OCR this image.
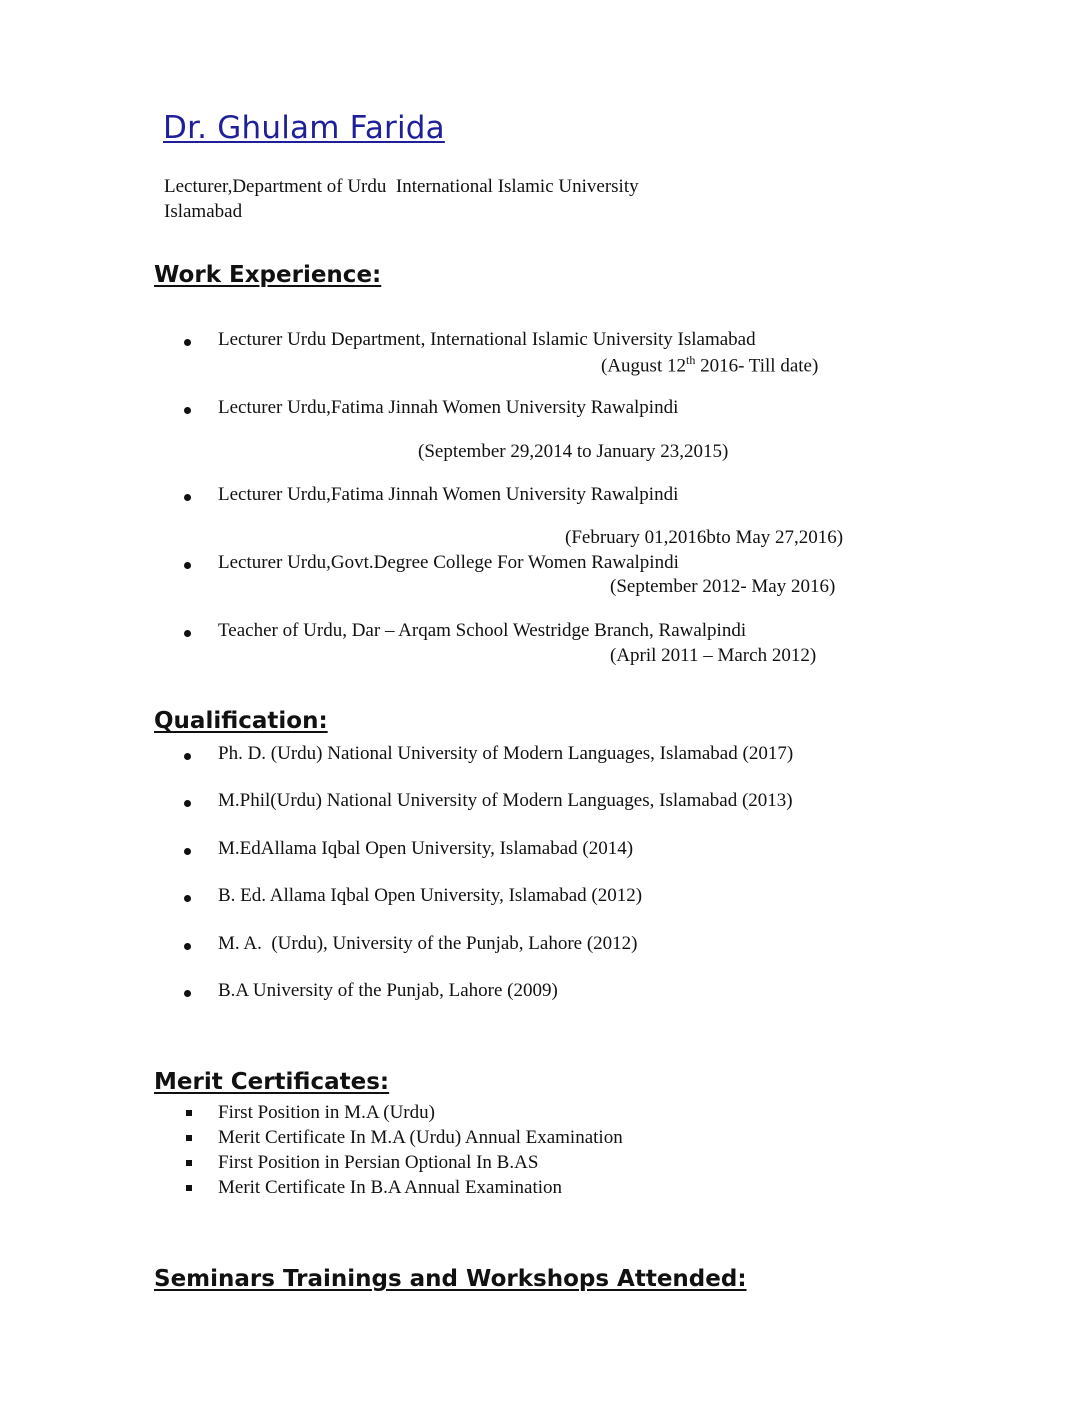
Dr. Ghulam Farida
Lecturer,Department of Urdu  International Islamic University
Islamabad
Work Experience:
Lecturer Urdu Department, International Islamic University Islamabad
(August 12th 2016- Till date)
Lecturer Urdu,Fatima Jinnah Women University Rawalpindi
(September 29,2014 to January 23,2015)
Lecturer Urdu,Fatima Jinnah Women University Rawalpindi
(February 01,2016bto May 27,2016)
Lecturer Urdu,Govt.Degree College For Women Rawalpindi
(September 2012- May 2016)
Teacher of Urdu, Dar – Arqam School Westridge Branch, Rawalpindi
(April 2011 – March 2012)
Qualification:
Ph. D. (Urdu) National University of Modern Languages, Islamabad (2017)
M.Phil(Urdu) National University of Modern Languages, Islamabad (2013)
M.EdAllama Iqbal Open University, Islamabad (2014)
B. Ed. Allama Iqbal Open University, Islamabad (2012)
M. A.  (Urdu), University of the Punjab, Lahore (2012)
B.A University of the Punjab, Lahore (2009)
Merit Certificates:
First Position in M.A (Urdu)
Merit Certificate In M.A (Urdu) Annual Examination
First Position in Persian Optional In B.AS
Merit Certificate In B.A Annual Examination
Seminars Trainings and Workshops Attended:
